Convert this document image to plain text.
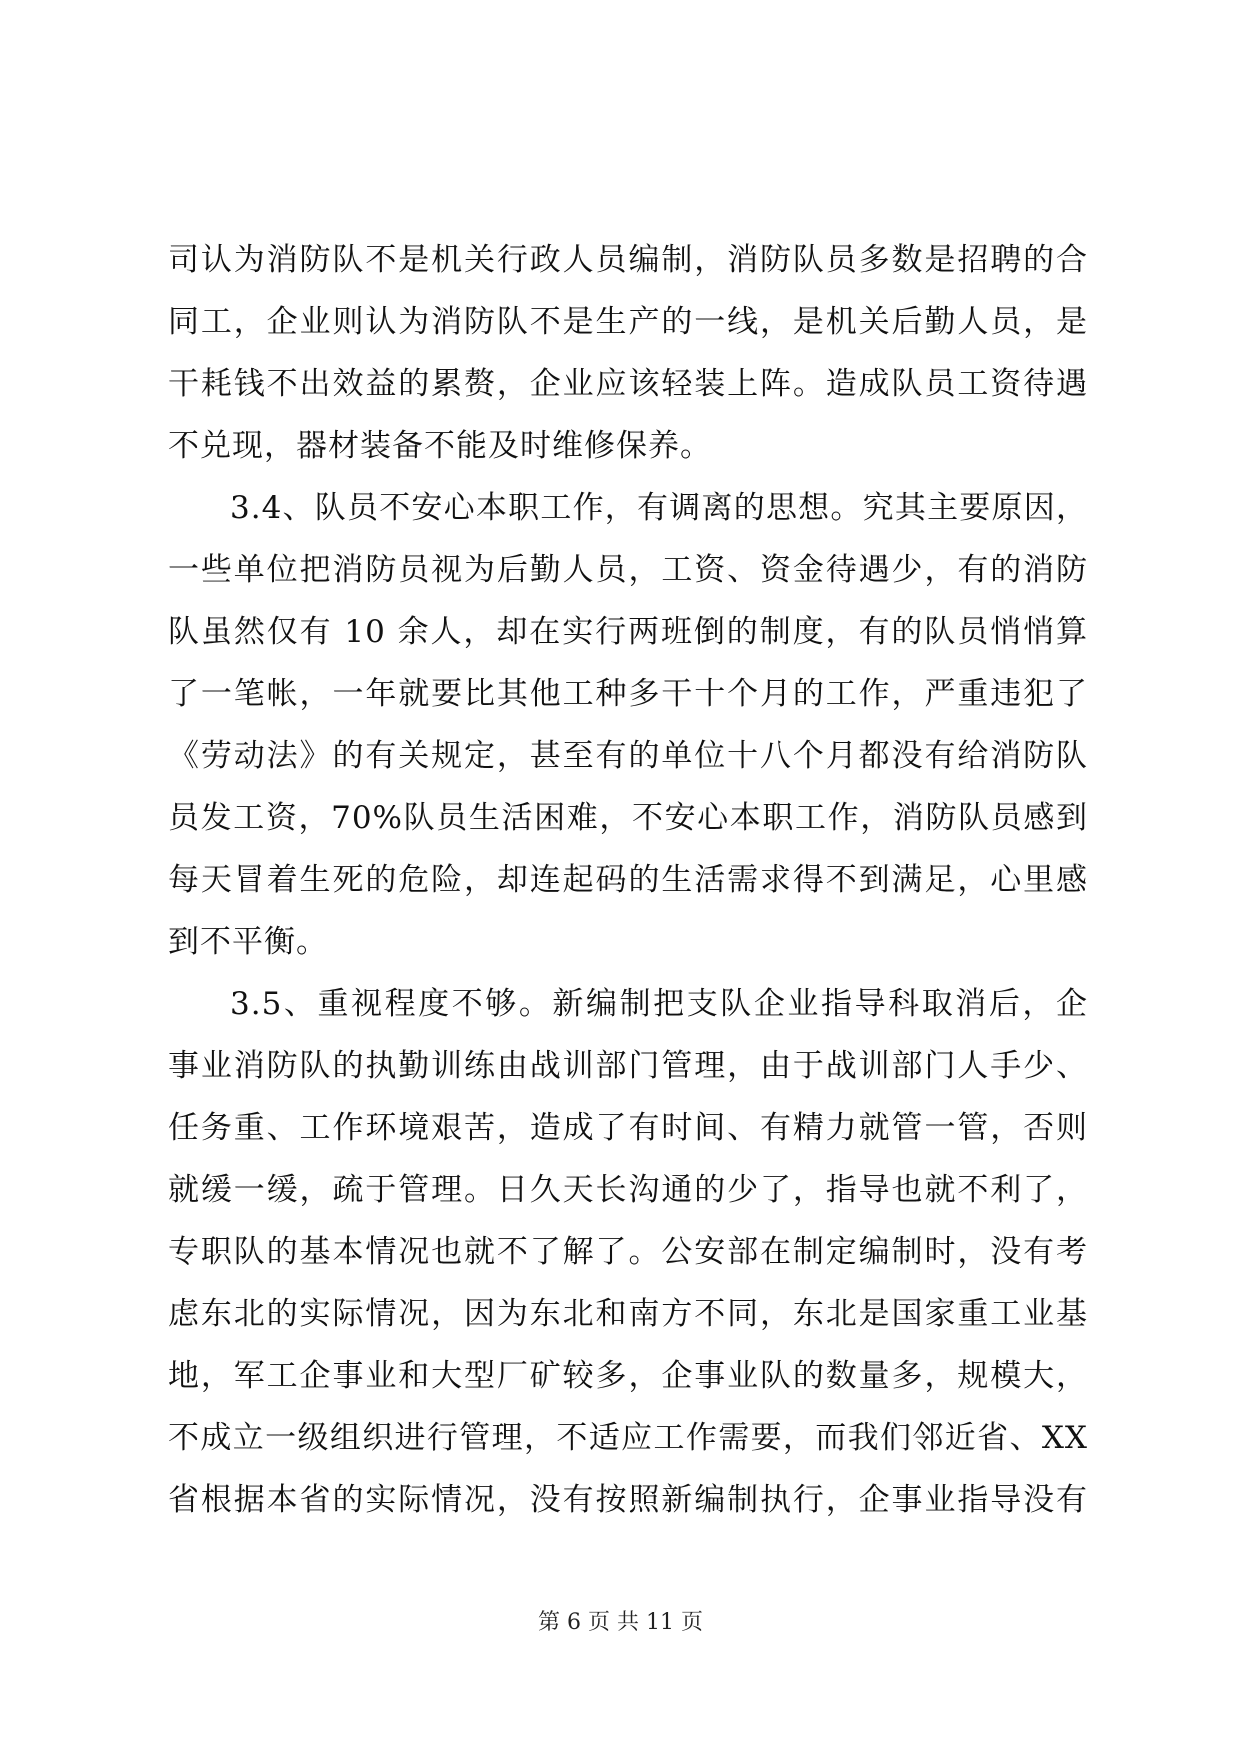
司认为消防队不是机关行政人员编制，消防队员多数是招聘的合
同工，企业则认为消防队不是生产的一线，是机关后勤人员，是
干耗钱不出效益的累赘，企业应该轻装上阵。造成队员工资待遇
不兑现，器材装备不能及时维修保养。
3.4、队员不安心本职工作，有调离的思想。究其主要原因，
一些单位把消防员视为后勤人员，工资、资金待遇少，有的消防
队虽然仅有 10 余人，却在实行两班倒的制度，有的队员悄悄算
了一笔帐，一年就要比其他工种多干十个月的工作，严重违犯了
《劳动法》的有关规定，甚至有的单位十八个月都没有给消防队
员发工资，70%队员生活困难，不安心本职工作，消防队员感到
每天冒着生死的危险，却连起码的生活需求得不到满足，心里感
到不平衡。
3.5、重视程度不够。新编制把支队企业指导科取消后，企
事业消防队的执勤训练由战训部门管理，由于战训部门人手少、
任务重、工作环境艰苦，造成了有时间、有精力就管一管，否则
就缓一缓，疏于管理。日久天长沟通的少了，指导也就不利了，
专职队的基本情况也就不了解了。公安部在制定编制时，没有考
虑东北的实际情况，因为东北和南方不同，东北是国家重工业基
地，军工企事业和大型厂矿较多，企事业队的数量多，规模大，
不成立一级组织进行管理，不适应工作需要，而我们邻近省、XX
省根据本省的实际情况，没有按照新编制执行，企事业指导没有
第 6 页 共 11 页
